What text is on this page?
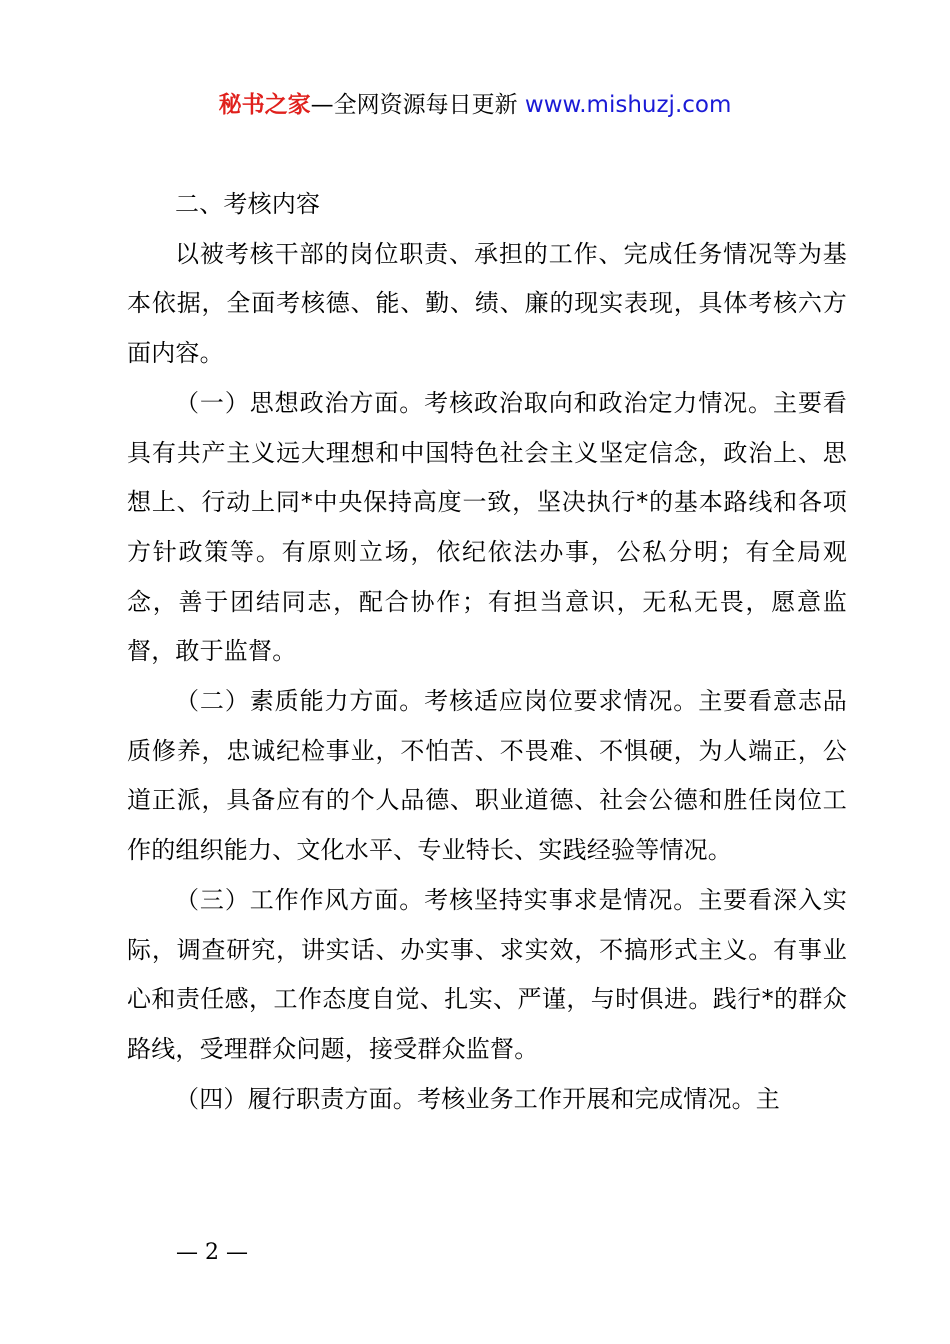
秘书之家—全网资源每日更新 www.mishuzj.com

二、考核内容

以被考核干部的岗位职责、承担的工作、完成任务情况等为基本依据，全面考核德、能、勤、绩、廉的现实表现，具体考核六方面内容。

（一）思想政治方面。考核政治取向和政治定力情况。主要看具有共产主义远大理想和中国特色社会主义坚定信念，政治上、思想上、行动上同*中央保持高度一致，坚决执行*的基本路线和各项方针政策等。有原则立场，依纪依法办事，公私分明；有全局观念，善于团结同志，配合协作；有担当意识，无私无畏，愿意监督，敢于监督。

（二）素质能力方面。考核适应岗位要求情况。主要看意志品质修养，忠诚纪检事业，不怕苦、不畏难、不惧硬，为人端正，公道正派，具备应有的个人品德、职业道德、社会公德和胜任岗位工作的组织能力、文化水平、专业特长、实践经验等情况。

（三）工作作风方面。考核坚持实事求是情况。主要看深入实际，调查研究，讲实话、办实事、求实效，不搞形式主义。有事业心和责任感，工作态度自觉、扎实、严谨，与时俱进。践行*的群众路线，受理群众问题，接受群众监督。

（四）履行职责方面。考核业务工作开展和完成情况。主

— 2 —
